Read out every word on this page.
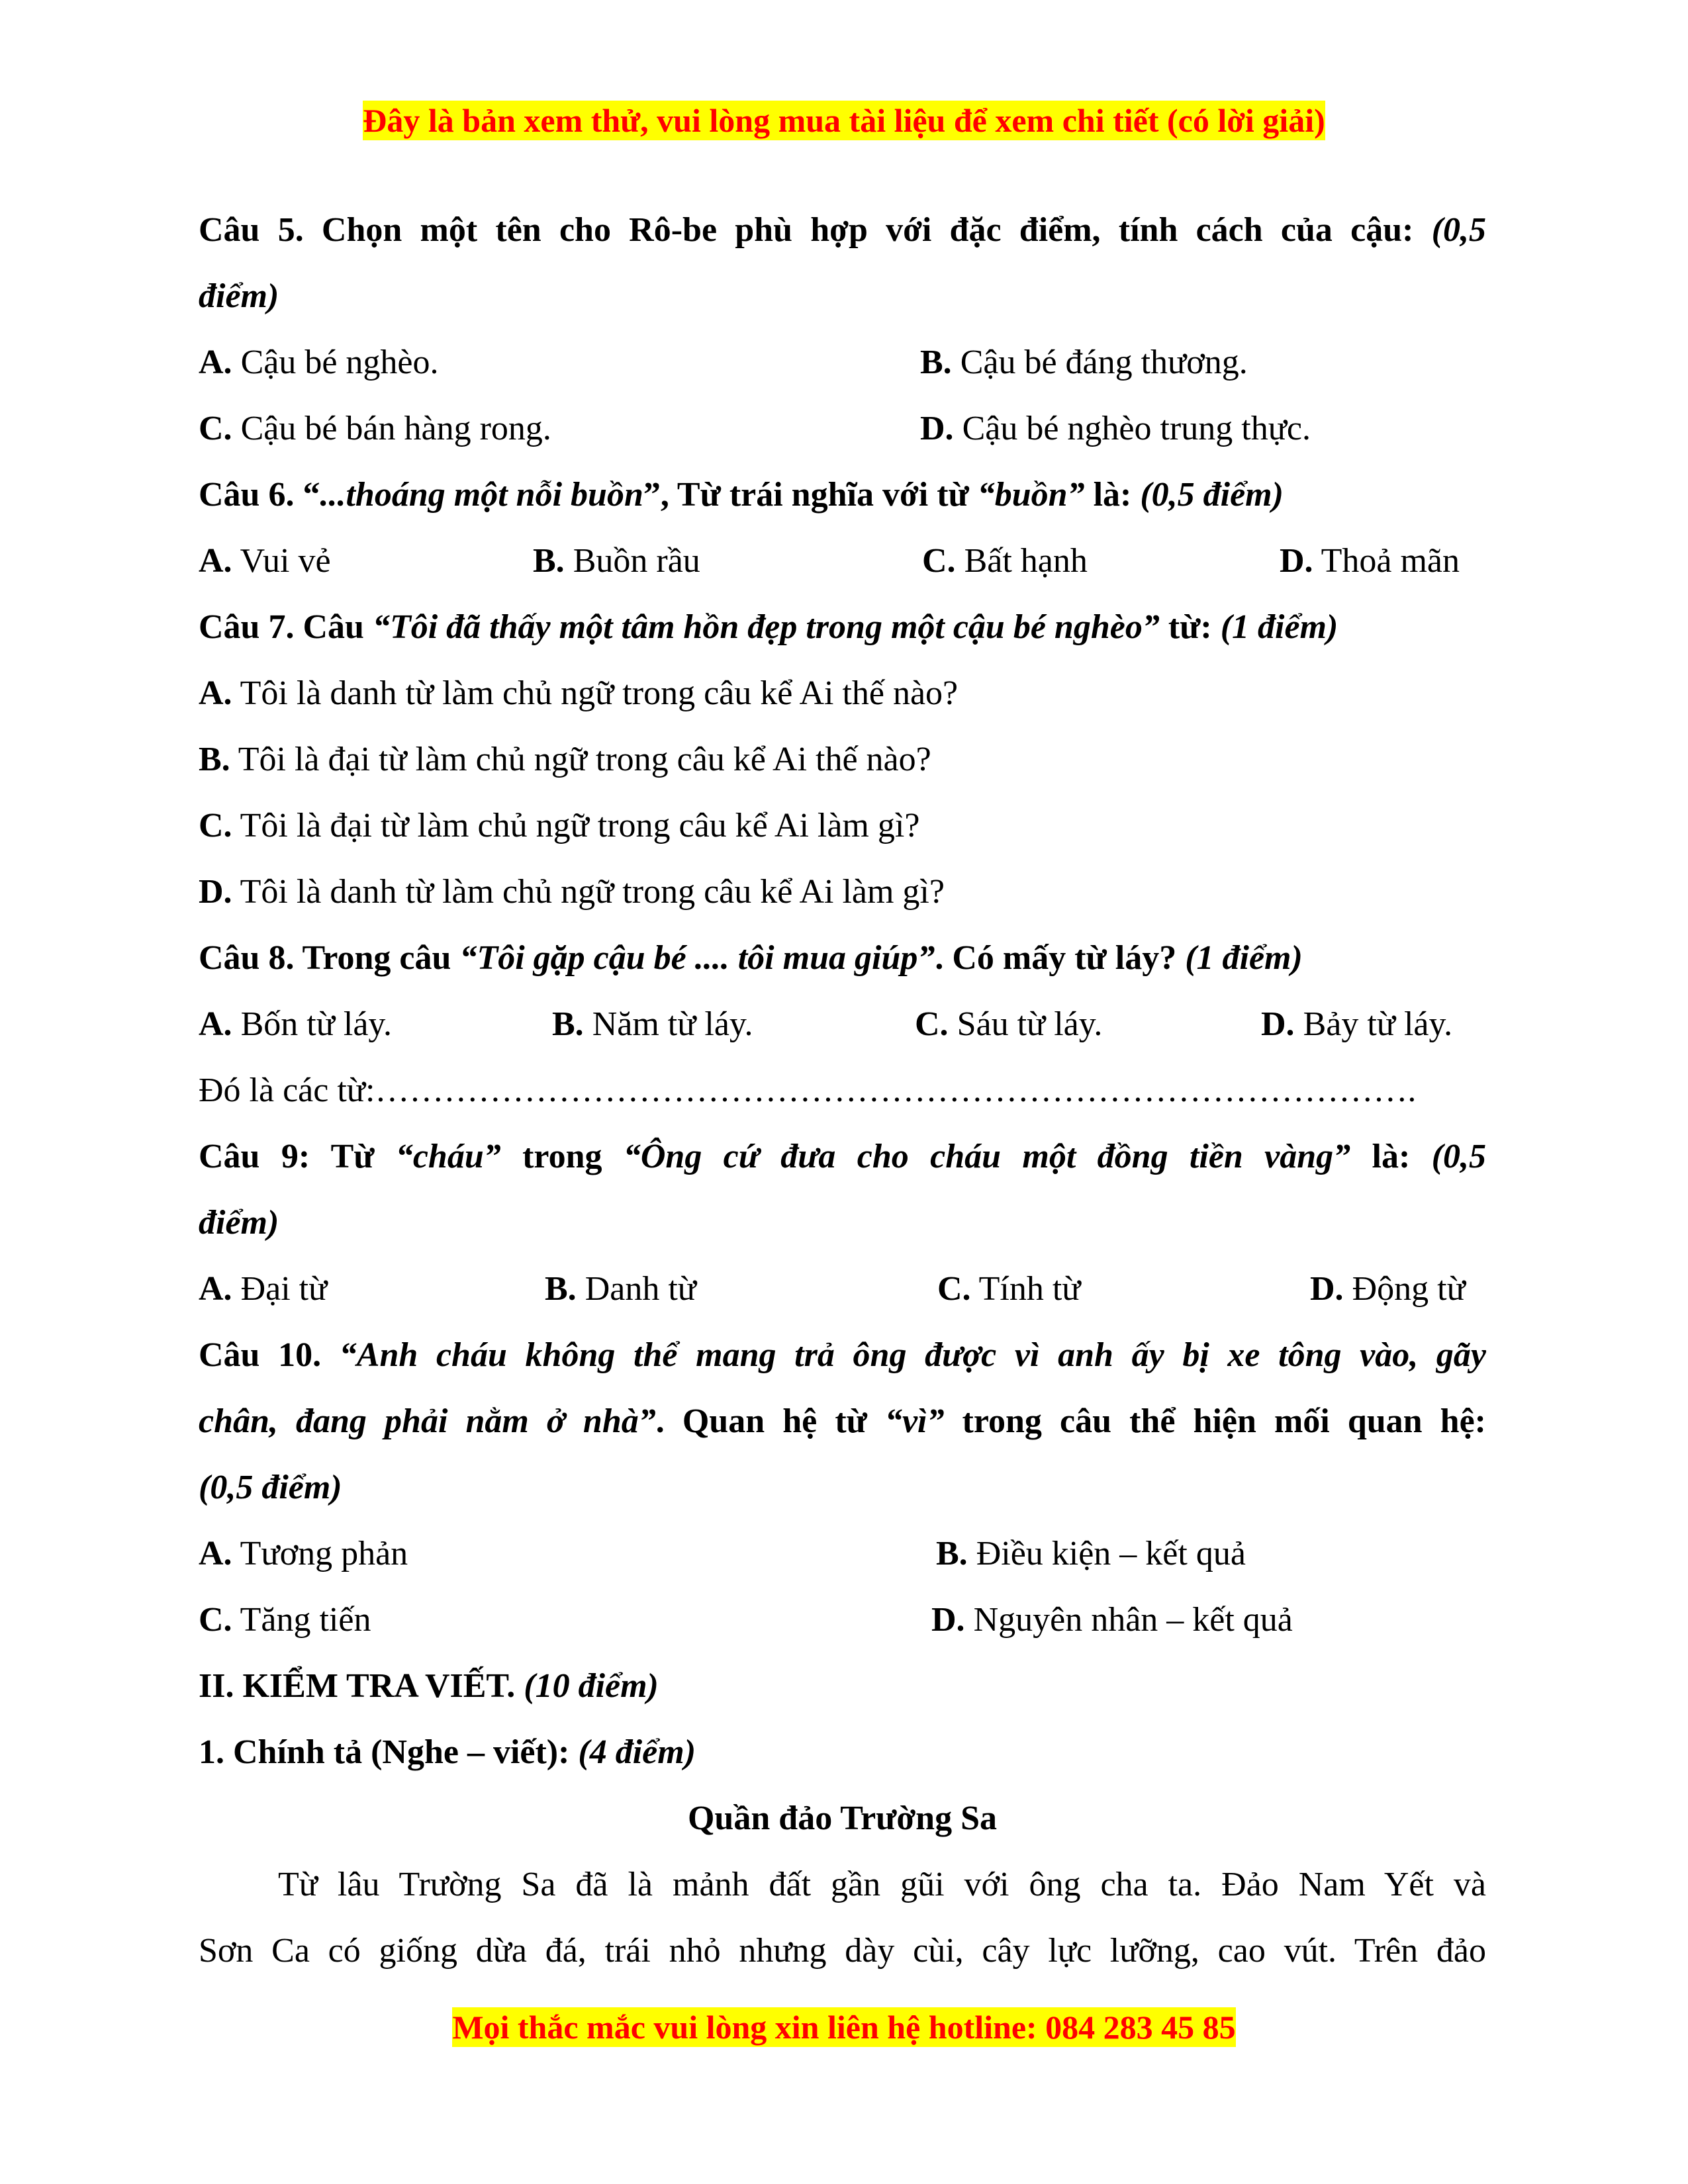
Đây là bản xem thử, vui lòng mua tài liệu để xem chi tiết (có lời giải)
Câu 5. Chọn một tên cho Rô-be phù hợp với đặc điểm, tính cách của cậu: (0,5
điểm)
A. Cậu bé nghèo.	B. Cậu bé đáng thương.
C. Cậu bé bán hàng rong.	D. Cậu bé nghèo trung thực.
Câu 6. “...thoáng một nỗi buồn”, Từ trái nghĩa với từ “buồn” là: (0,5 điểm)
A. Vui vẻ	B. Buồn rầu	C. Bất hạnh	D. Thoả mãn
Câu 7. Câu “Tôi đã thấy một tâm hồn đẹp trong một cậu bé nghèo” từ: (1 điểm)
A. Tôi là danh từ làm chủ ngữ trong câu kể Ai thế nào?
B. Tôi là đại từ làm chủ ngữ trong câu kể Ai thế nào?
C. Tôi là đại từ làm chủ ngữ trong câu kể Ai làm gì?
D. Tôi là danh từ làm chủ ngữ trong câu kể Ai làm gì?
Câu 8. Trong câu “Tôi gặp cậu bé .... tôi mua giúp”. Có mấy từ láy? (1 điểm)
A. Bốn từ láy.	B. Năm từ láy.	C. Sáu từ láy.	D. Bảy từ láy.
Đó là các từ:……………………………………………………………………………….
Câu 9: Từ “cháu” trong “Ông cứ đưa cho cháu một đồng tiền vàng” là: (0,5
điểm)
A. Đại từ	B. Danh từ	C. Tính từ	D. Động từ
Câu 10. “Anh cháu không thể mang trả ông được vì anh ấy bị xe tông vào, gãy
chân, đang phải nằm ở nhà”. Quan hệ từ “vì” trong câu thể hiện mối quan hệ:
(0,5 điểm)
A. Tương phản	B. Điều kiện – kết quả
C. Tăng tiến	D. Nguyên nhân – kết quả
II. KIỂM TRA VIẾT. (10 điểm)
1. Chính tả (Nghe – viết): (4 điểm)
Quần đảo Trường Sa
Từ lâu Trường Sa đã là mảnh đất gần gũi với ông cha ta. Đảo Nam Yết và
Sơn Ca có giống dừa đá, trái nhỏ nhưng dày cùi, cây lực lưỡng, cao vút. Trên đảo
Mọi thắc mắc vui lòng xin liên hệ hotline: 084 283 45 85
